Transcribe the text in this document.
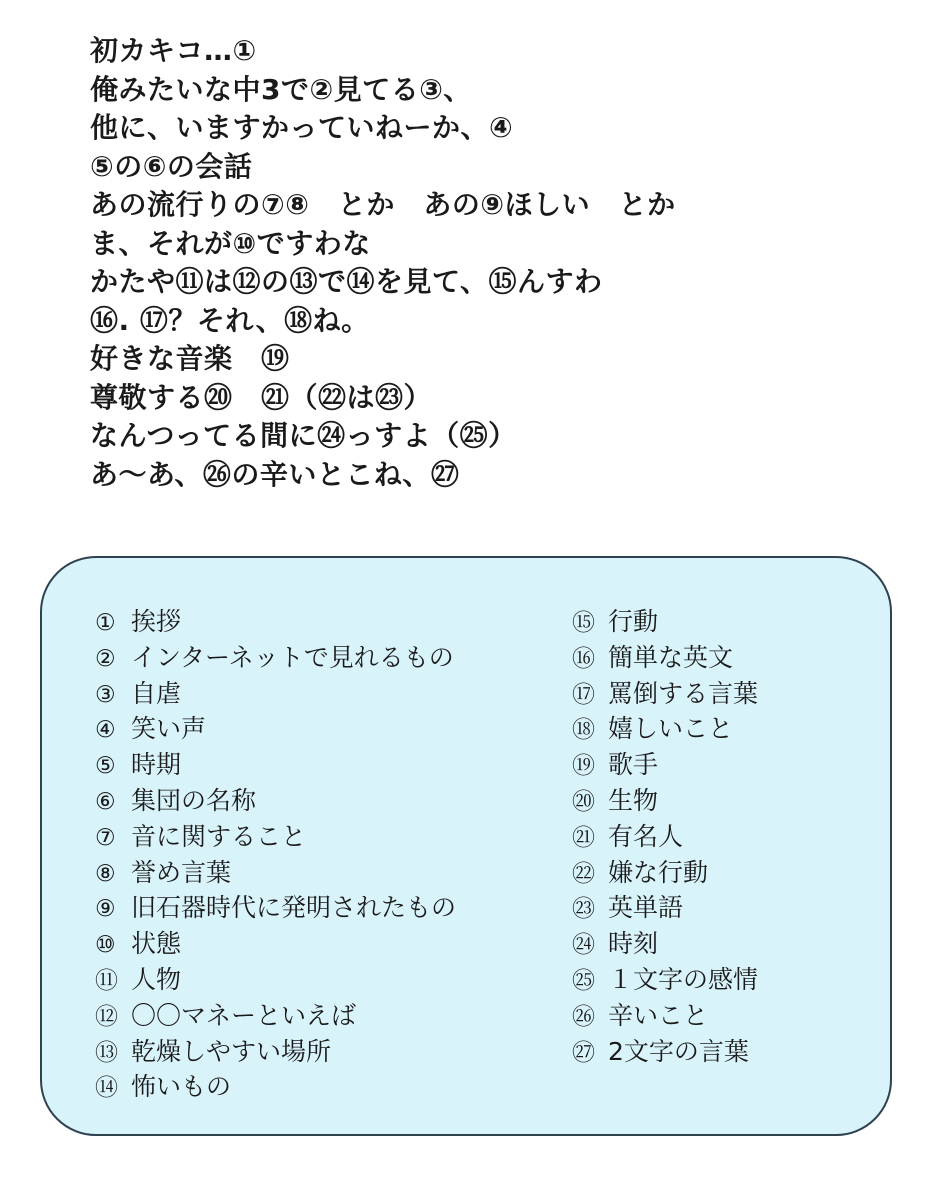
初カキコ…①
俺みたいな中3で②見てる③、
他に、いますかっていねーか、④
⑤の⑥の会話
あの流行りの⑦⑧　とか　あの⑨ほしい　とか
ま、それが⑩ですわな
かたや⑪は⑫の⑬で⑭を見て、⑮んすわ
⑯. ⑰？それ、⑱ね。
好きな音楽　⑲
尊敬する⑳　㉑（㉒は㉓）
なんつってる間に㉔っすよ（㉕）
あ～あ、㉖の辛いとこね、㉗
① 挨拶
② インターネットで見れるもの
③ 自虐
④ 笑い声
⑤ 時期
⑥ 集団の名称
⑦ 音に関すること
⑧ 誉め言葉
⑨ 旧石器時代に発明されたもの
⑩ 状態
⑪ 人物
⑫ 〇〇マネーといえば
⑬ 乾燥しやすい場所
⑭ 怖いもの
⑮ 行動
⑯ 簡単な英文
⑰ 罵倒する言葉
⑱ 嬉しいこと
⑲ 歌手
⑳ 生物
㉑ 有名人
㉒ 嫌な行動
㉓ 英単語
㉔ 時刻
㉕ １文字の感情
㉖ 辛いこと
㉗ 2文字の言葉
